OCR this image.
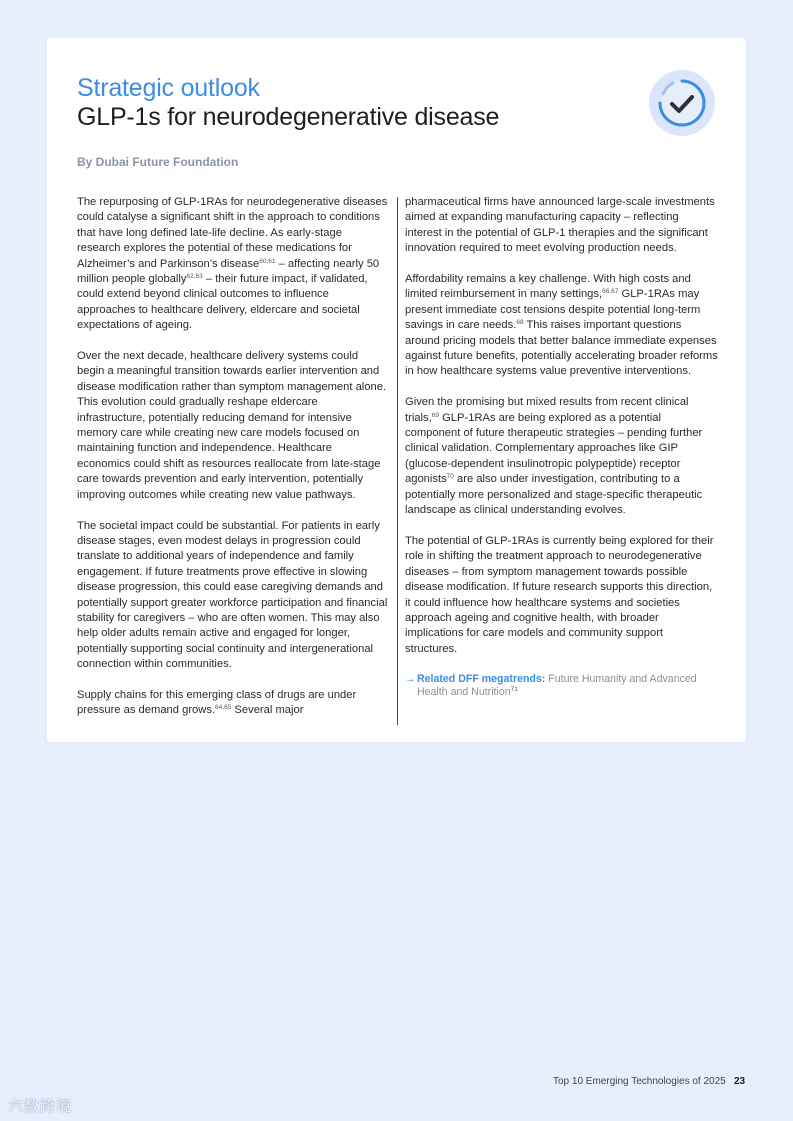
Strategic outlook
GLP-1s for neurodegenerative disease
By Dubai Future Foundation

The repurposing of GLP-1RAs for neurodegenerative diseases could catalyse a significant shift in the approach to conditions that have long defined late-life decline. As early-stage research explores the potential of these medications for Alzheimer’s and Parkinson’s disease$^{60,61}$ – affecting nearly 50 million people globally$^{62,63}$ – their future impact, if validated, could extend beyond clinical outcomes to influence approaches to healthcare delivery, eldercare and societal expectations of ageing.

Over the next decade, healthcare delivery systems could begin a meaningful transition towards earlier intervention and disease modification rather than symptom management alone. This evolution could gradually reshape eldercare infrastructure, potentially reducing demand for intensive memory care while creating new care models focused on maintaining function and independence. Healthcare economics could shift as resources reallocate from late-stage care towards prevention and early intervention, potentially improving outcomes while creating new value pathways.

The societal impact could be substantial. For patients in early disease stages, even modest delays in progression could translate to additional years of independence and family engagement. If future treatments prove effective in slowing disease progression, this could ease caregiving demands and potentially support greater workforce participation and financial stability for caregivers – who are often women. This may also help older adults remain active and engaged for longer, potentially supporting social continuity and intergenerational connection within communities.

Supply chains for this emerging class of drugs are under pressure as demand grows.$^{64,65}$ Several major

pharmaceutical firms have announced large-scale investments aimed at expanding manufacturing capacity – reflecting interest in the potential of GLP-1 therapies and the significant innovation required to meet evolving production needs.

Affordability remains a key challenge. With high costs and limited reimbursement in many settings,$^{66,67}$ GLP-1RAs may present immediate cost tensions despite potential long-term savings in care needs.$^{68}$ This raises important questions around pricing models that better balance immediate expenses against future benefits, potentially accelerating broader reforms in how healthcare systems value preventive interventions.

Given the promising but mixed results from recent clinical trials,$^{69}$ GLP-1RAs are being explored as a potential component of future therapeutic strategies – pending further clinical validation. Complementary approaches like GIP (glucose-dependent insulinotropic polypeptide) receptor agonists$^{70}$ are also under investigation, contributing to a potentially more personalized and stage-specific therapeutic landscape as clinical understanding evolves.

The potential of GLP-1RAs is currently being explored for their role in shifting the treatment approach to neurodegenerative diseases – from symptom management towards possible disease modification. If future research supports this direction, it could influence how healthcare systems and societies approach ageing and cognitive health, with broader implications for care models and community support structures.

→ Related DFF megatrends: Future Humanity and Advanced Health and Nutrition$^{71}$
Top 10 Emerging Technologies of 2025 23
六数跨境
